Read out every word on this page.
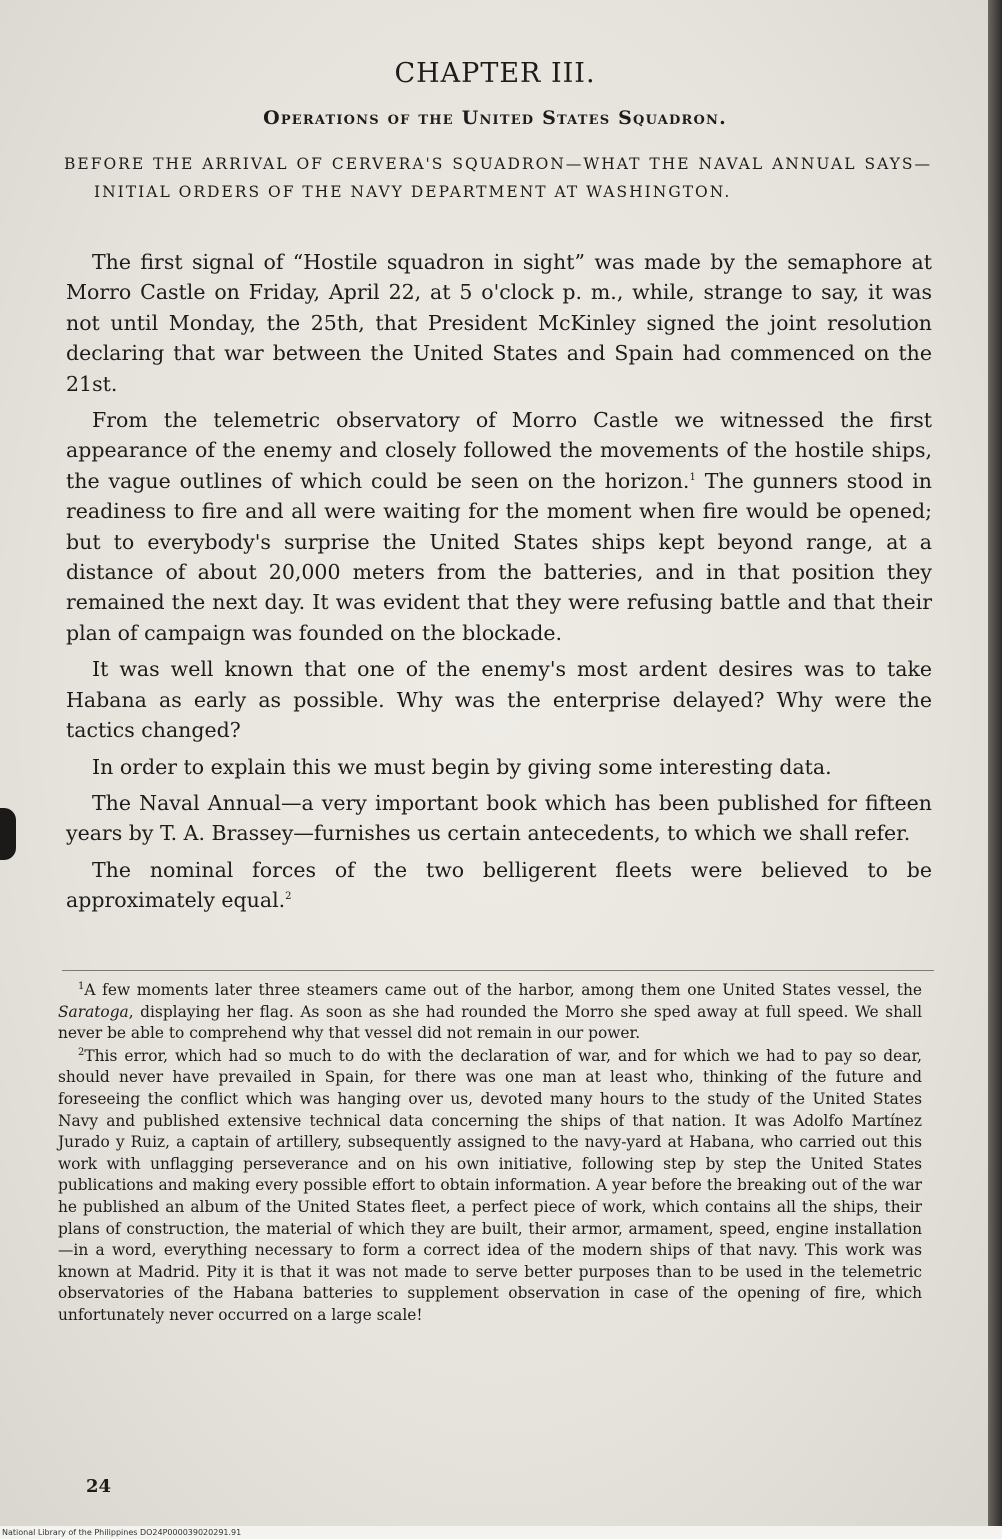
CHAPTER III.
Operations of the United States Squadron.
BEFORE THE ARRIVAL OF CERVERA'S SQUADRON—WHAT THE NAVAL ANNUAL SAYS—INITIAL ORDERS OF THE NAVY DEPARTMENT AT WASHINGTON.

The first signal of “Hostile squadron in sight” was made by the semaphore at Morro Castle on Friday, April 22, at 5 o'clock p. m., while, strange to say, it was not until Monday, the 25th, that President McKinley signed the joint resolution declaring that war between the United States and Spain had commenced on the 21st.

From the telemetric observatory of Morro Castle we witnessed the first appearance of the enemy and closely followed the movements of the hostile ships, the vague outlines of which could be seen on the horizon.$^1$ The gunners stood in readiness to fire and all were waiting for the moment when fire would be opened; but to everybody's surprise the United States ships kept beyond range, at a distance of about 20,000 meters from the batteries, and in that position they remained the next day. It was evident that they were refusing battle and that their plan of campaign was founded on the blockade.

It was well known that one of the enemy's most ardent desires was to take Habana as early as possible. Why was the enterprise delayed? Why were the tactics changed?

In order to explain this we must begin by giving some interesting data.

The Naval Annual—a very important book which has been published for fifteen years by T. A. Brassey—furnishes us certain antecedents, to which we shall refer.

The nominal forces of the two belligerent fleets were believed to be approximately equal.$^2$

$^1$A few moments later three steamers came out of the harbor, among them one United States vessel, the Saratoga, displaying her flag. As soon as she had rounded the Morro she sped away at full speed. We shall never be able to comprehend why that vessel did not remain in our power.

$^2$This error, which had so much to do with the declaration of war, and for which we had to pay so dear, should never have prevailed in Spain, for there was one man at least who, thinking of the future and foreseeing the conflict which was hanging over us, devoted many hours to the study of the United States Navy and published extensive technical data concerning the ships of that nation. It was Adolfo Martínez Jurado y Ruiz, a captain of artillery, subsequently assigned to the navy-yard at Habana, who carried out this work with unflagging perseverance and on his own initiative, following step by step the United States publications and making every possible effort to obtain information. A year before the breaking out of the war he published an album of the United States fleet, a perfect piece of work, which contains all the ships, their plans of construction, the material of which they are built, their armor, armament, speed, engine installation—in a word, everything necessary to form a correct idea of the modern ships of that navy. This work was known at Madrid. Pity it is that it was not made to serve better purposes than to be used in the telemetric observatories of the Habana batteries to supplement observation in case of the opening of fire, which unfortunately never occurred on a large scale!

24
National Library of the Philippines DO24P000039020291.91
